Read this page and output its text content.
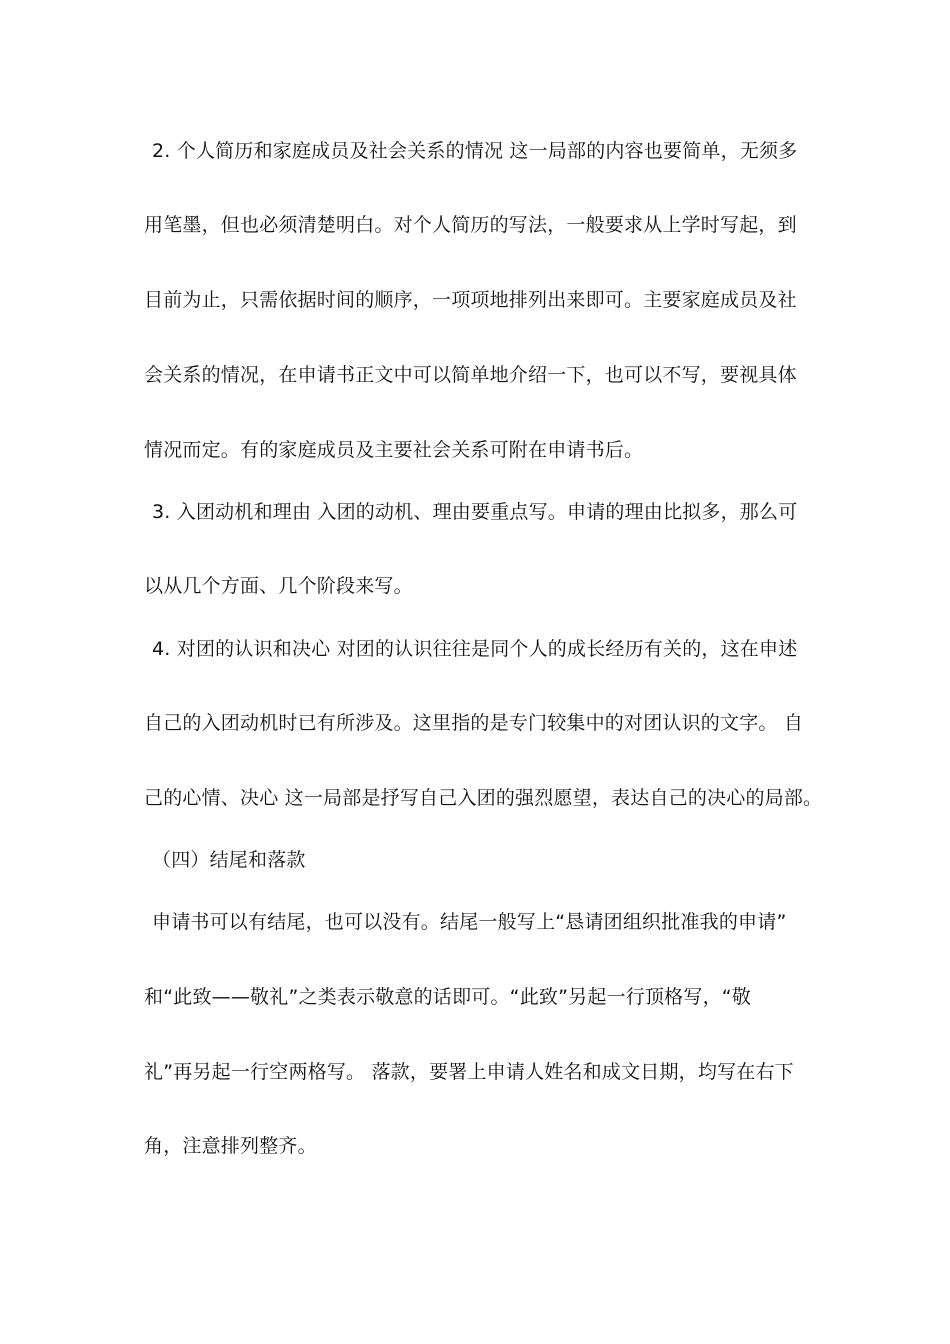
2. 个人简历和家庭成员及社会关系的情况 这一局部的内容也要简单，无须多
用笔墨，但也必须清楚明白。对个人简历的写法，一般要求从上学时写起，到
目前为止，只需依据时间的顺序，一项项地排列出来即可。主要家庭成员及社
会关系的情况，在申请书正文中可以简单地介绍一下，也可以不写，要视具体
情况而定。有的家庭成员及主要社会关系可附在申请书后。
3. 入团动机和理由 入团的动机、理由要重点写。申请的理由比拟多，那么可
以从几个方面、几个阶段来写。
4. 对团的认识和决心 对团的认识往往是同个人的成长经历有关的，这在申述
自己的入团动机时已有所涉及。这里指的是专门较集中的对团认识的文字。 自
己的心情、决心 这一局部是抒写自己入团的强烈愿望，表达自己的决心的局部。
（四）结尾和落款
申请书可以有结尾，也可以没有。结尾一般写上“恳请团组织批准我的申请”
和“此致——敬礼”之类表示敬意的话即可。“此致”另起一行顶格写，“敬
礼”再另起一行空两格写。 落款，要署上申请人姓名和成文日期，均写在右下
角，注意排列整齐。
